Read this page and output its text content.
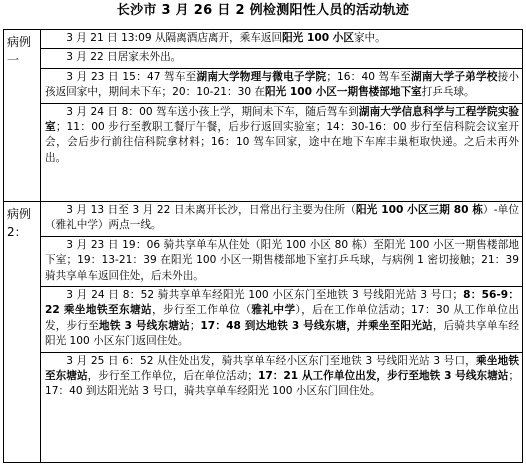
长沙市 3 月 26 日 2 例检测阳性人员的活动轨迹
病例一	3 月 21 日 13:09 从隔离酒店离开，乘车返回阳光 100 小区家中。

3 月 22 日居家未外出。

3 月 23 日 15：47 驾车至湖南大学物理与微电子学院；16：40 驾车至湖南大学子弟学校接小孩返回家中，期间未下车；20：10-21：30 在阳光 100 小区一期售楼部地下室打乒乓球。

3 月 24 日 8：00 驾车送小孩上学，期间未下车，随后驾车到湖南大学信息科学与工程学院实验室；11：00 步行至教职工餐厅午餐，后步行返回实验室；14：30-16：00 步行至信科院会议室开会，会后步行前往信科院拿材料；16：10 驾车回家，途中在地下车库丰巢柜取快递。之后未再外出。

病例 2：	3 月 13 日至 3 月 22 日未离开长沙，日常出行主要为住所（阳光 100 小区三期 80 栋）-单位（雅礼中学）两点一线。

3 月 23 日 19：06 骑共享单车从住处（阳光 100 小区 80 栋）至阳光 100 小区一期售楼部地下室；19：13-21：39 在阳光 100 小区一期售楼部地下室打乒乓球，与病例 1 密切接触；21：39 骑共享单车返回住处，后未外出。

3 月 24 日 8：52 骑共享单车经阳光 100 小区东门至地铁 3 号线阳光站 3 号口；8：56-9：22 乘坐地铁至东塘站，步行至工作单位（雅礼中学），后在工作单位活动；17：30 从工作单位出发，步行至地铁 3 号线东塘站；17：48 到达地铁 3 号线东塘，并乘坐至阳光站，后骑共享单车经阳光 100 小区东门返回住处。

3 月 25 日 6：52 从住处出发，骑共享单车经小区东门至地铁 3 号线阳光站 3 号口，乘坐地铁至东塘站，步行至工作单位，后在单位活动；17：21 从工作单位出发，步行至地铁 3 号线东塘站；17：40 到达阳光站 3 号口，骑共享单车经阳光 100 小区东门回住处。
